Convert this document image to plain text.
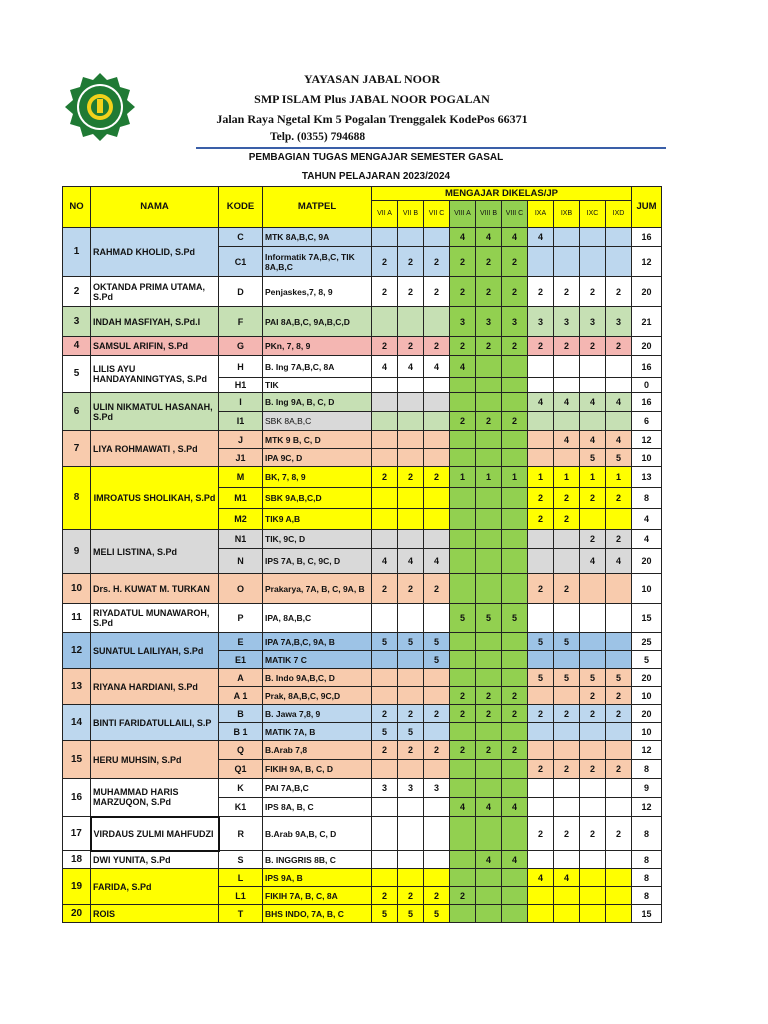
YAYASAN JABAL NOOR
SMP ISLAM Plus JABAL NOOR POGALAN
Jalan Raya Ngetal Km 5 Pogalan Trenggalek KodePos 66371
Telp. (0355) 794688
PEMBAGIAN TUGAS MENGAJAR SEMESTER GASAL
TAHUN PELAJARAN 2023/2024
NO	NAMA	KODE	MATPEL	MENGAJAR DIKELAS/JP										JUM
				VII A	VII B	VII C	VIII A	VIII B	VIII C	IXA	IXB	IXC	IXD	
1	RAHMAD KHOLID, S.Pd	C	MTK 8A,B,C, 9A				4	4	4	4				16
		C1	Informatik 7A,B,C, TIK 8A,B,C	2	2	2	2	2	2					12
2	OKTANDA PRIMA UTAMA, S.Pd	D	Penjaskes,7, 8, 9	2	2	2	2	2	2	2	2	2	2	20
3	INDAH MASFIYAH, S.Pd.I	F	PAI 8A,B,C, 9A,B,C,D				3	3	3	3	3	3	3	21
4	SAMSUL ARIFIN, S.Pd	G	PKn, 7, 8, 9	2	2	2	2	2	2	2	2	2	2	20
5	LILIS AYU HANDAYANINGTYAS, S.Pd	H	B. Ing 7A,B,C, 8A	4	4	4	4							16
		H1	TIK											0
6	ULIN NIKMATUL HASANAH, S.Pd	I	B. Ing 9A, B, C, D							4	4	4	4	16
		I1	SBK 8A,B,C				2	2	2					6
7	LIYA ROHMAWATI , S.Pd	J	MTK 9 B, C, D								4	4	4	12
		J1	IPA 9C, D									5	5	10
8	IMROATUS SHOLIKAH, S.Pd	M	BK, 7, 8, 9	2	2	2	1	1	1	1	1	1	1	13
		M1	SBK 9A,B,C,D							2	2	2	2	8
		M2	TIK9 A,B							2	2			4
9	MELI LISTINA, S.Pd	N1	TIK, 9C, D									2	2	4
		N	IPS 7A, B, C, 9C, D	4	4	4						4	4	20
10	Drs. H. KUWAT M. TURKAN	O	Prakarya, 7A, B, C, 9A, B	2	2	2				2	2			10
11	RIYADATUL MUNAWAROH, S.Pd	P	IPA, 8A,B,C				5	5	5					15
12	SUNATUL LAILIYAH, S.Pd	E	IPA 7A,B,C, 9A, B	5	5	5				5	5			25
		E1	MATIK 7 C			5								5
13	RIYANA HARDIANI, S.Pd	A	B. Indo 9A,B,C, D							5	5	5	5	20
		A 1	Prak, 8A,B,C, 9C,D				2	2	2			2	2	10
14	BINTI FARIDATULLAILI, S.P	B	B. Jawa 7,8, 9	2	2	2	2	2	2	2	2	2	2	20
		B 1	MATIK 7A, B	5	5									10
15	HERU MUHSIN, S.Pd	Q	B.Arab 7,8	2	2	2	2	2	2					12
		Q1	FIKIH 9A, B, C, D							2	2	2	2	8
16	MUHAMMAD HARIS MARZUQON, S.Pd	K	PAI 7A,B,C	3	3	3								9
		K1	IPS 8A, B, C				4	4	4					12
17	VIRDAUS ZULMI MAHFUDZI	R	B.Arab 9A,B, C, D							2	2	2	2	8
18	DWI YUNITA, S.Pd	S	B. INGGRIS 8B, C					4	4					8
19	FARIDA, S.Pd	L	IPS 9A, B							4	4			8
		L1	FIKIH 7A, B, C, 8A	2	2	2	2							8
20	ROIS	T	BHS INDO, 7A, B, C	5	5	5								15
